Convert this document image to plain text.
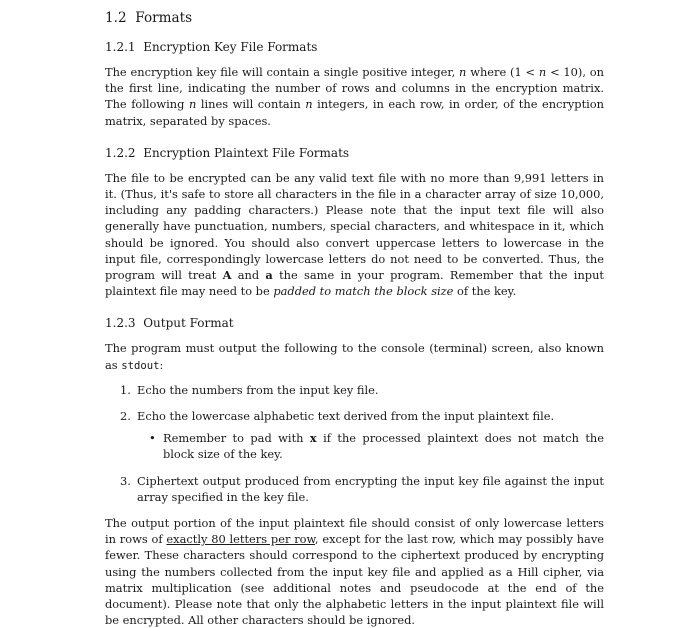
1.2 Formats
1.2.1 Encryption Key File Formats

The encryption key file will contain a single positive integer, n where (1 < n < 10), on the first line, indicating the number of rows and columns in the encryption matrix. The following n lines will contain n integers, in each row, in order, of the encryption matrix, separated by spaces.

1.2.2 Encryption Plaintext File Formats

The file to be encrypted can be any valid text file with no more than 9,991 letters in it. (Thus, it's safe to store all characters in the file in a character array of size 10,000, including any padding characters.) Please note that the input text file will also generally have punctuation, numbers, special characters, and whitespace in it, which should be ignored. You should also convert uppercase letters to lowercase in the input file, correspondingly lowercase letters do not need to be converted. Thus, the program will treat A and a the same in your program. Remember that the input plaintext file may need to be padded to match the block size of the key.

1.2.3 Output Format

The program must output the following to the console (terminal) screen, also known as stdout:

1. Echo the numbers from the input key file.
2. Echo the lowercase alphabetic text derived from the input plaintext file.
• Remember to pad with x if the processed plaintext does not match the block size of the key.
3. Ciphertext output produced from encrypting the input key file against the input array specified in the key file.

The output portion of the input plaintext file should consist of only lowercase letters in rows of exactly 80 letters per row, except for the last row, which may possibly have fewer. These characters should correspond to the ciphertext produced by encrypting using the numbers collected from the input key file and applied as a Hill cipher, via matrix multiplication (see additional notes and pseudocode at the end of the document). Please note that only the alphabetic letters in the input plaintext file will be encrypted. All other characters should be ignored.
